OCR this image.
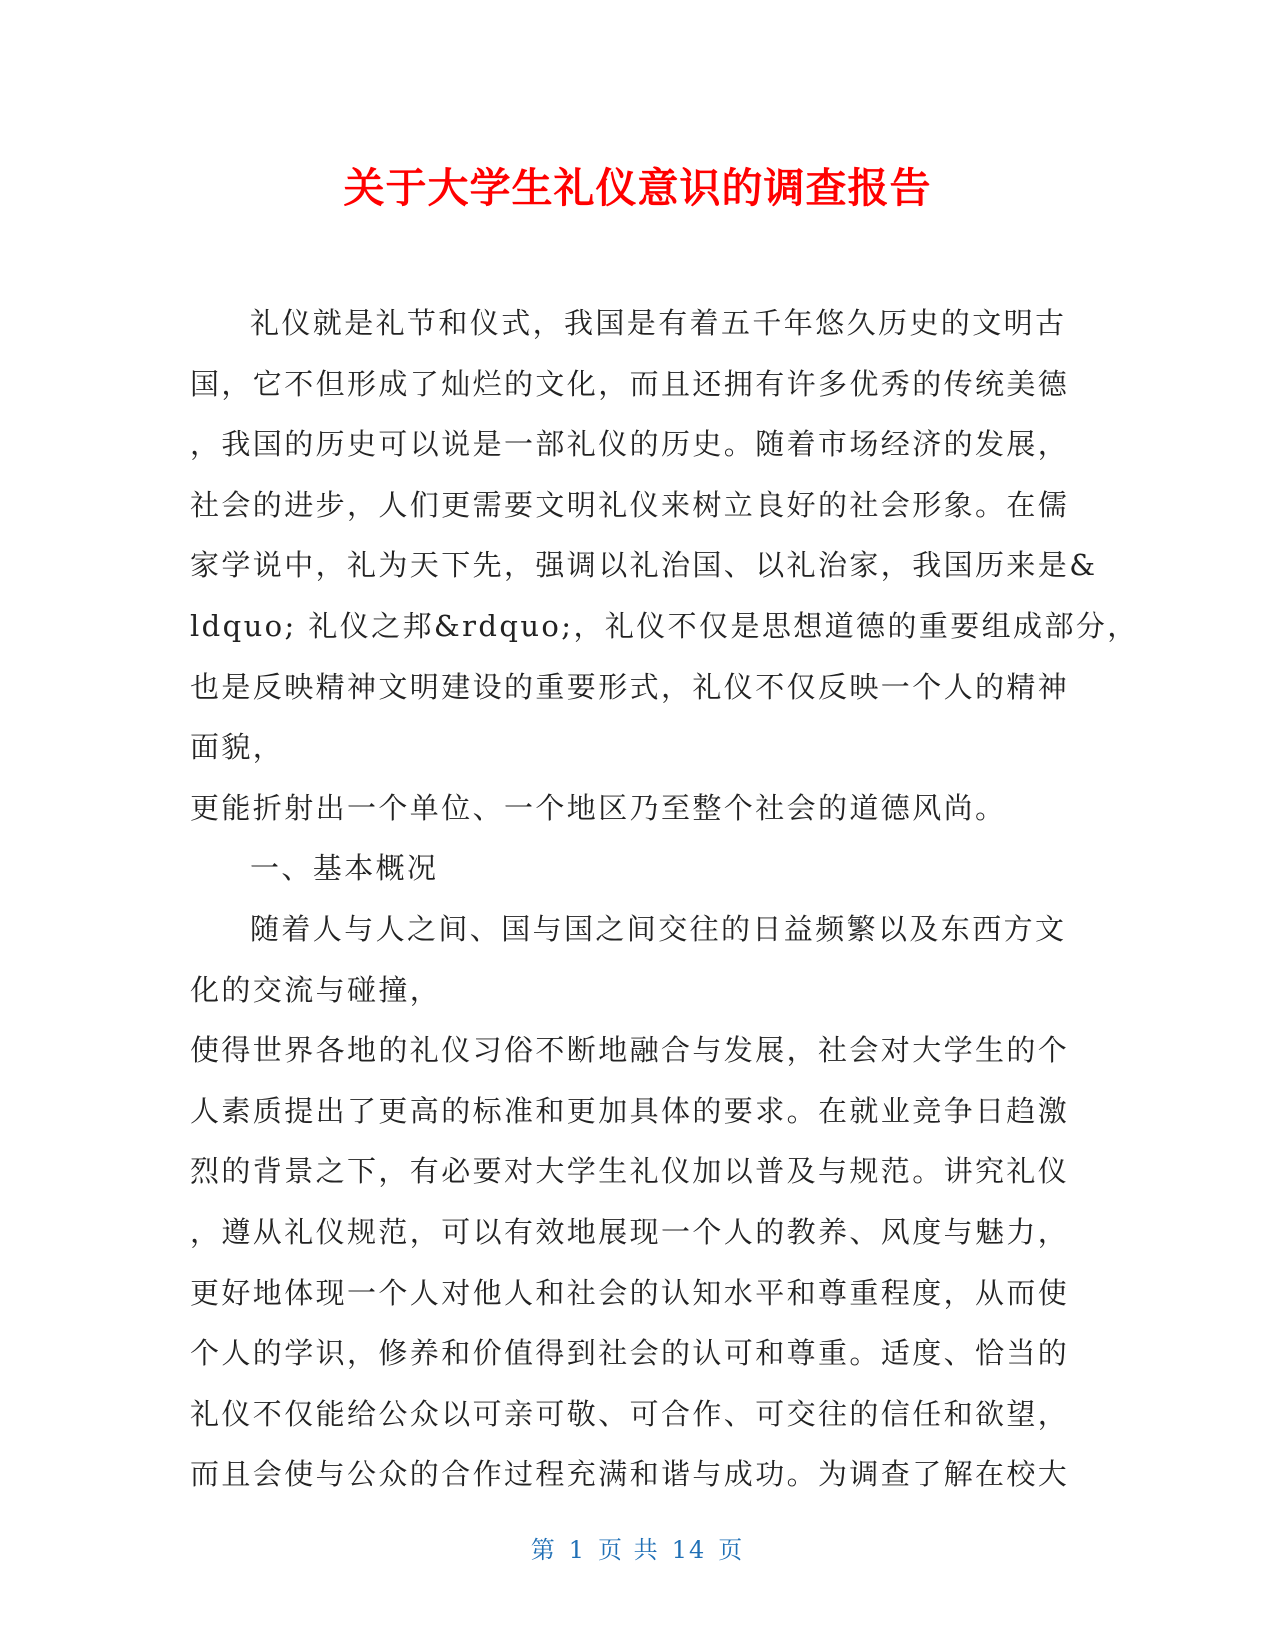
关于大学生礼仪意识的调查报告
礼仪就是礼节和仪式，我国是有着五千年悠久历史的文明古
国，它不但形成了灿烂的文化，而且还拥有许多优秀的传统美德
，我国的历史可以说是一部礼仪的历史。随着市场经济的发展，
社会的进步，人们更需要文明礼仪来树立良好的社会形象。在儒
家学说中，礼为天下先，强调以礼治国、以礼治家，我国历来是&
ldquo; 礼仪之邦&rdquo;，礼仪不仅是思想道德的重要组成部分，
也是反映精神文明建设的重要形式，礼仪不仅反映一个人的精神
面貌，
更能折射出一个单位、一个地区乃至整个社会的道德风尚。
一、基本概况
随着人与人之间、国与国之间交往的日益频繁以及东西方文
化的交流与碰撞，
使得世界各地的礼仪习俗不断地融合与发展，社会对大学生的个
人素质提出了更高的标准和更加具体的要求。在就业竞争日趋激
烈的背景之下，有必要对大学生礼仪加以普及与规范。讲究礼仪
，遵从礼仪规范，可以有效地展现一个人的教养、风度与魅力，
更好地体现一个人对他人和社会的认知水平和尊重程度，从而使
个人的学识，修养和价值得到社会的认可和尊重。适度、恰当的
礼仪不仅能给公众以可亲可敬、可合作、可交往的信任和欲望，
而且会使与公众的合作过程充满和谐与成功。为调查了解在校大
第 1 页 共 14 页
